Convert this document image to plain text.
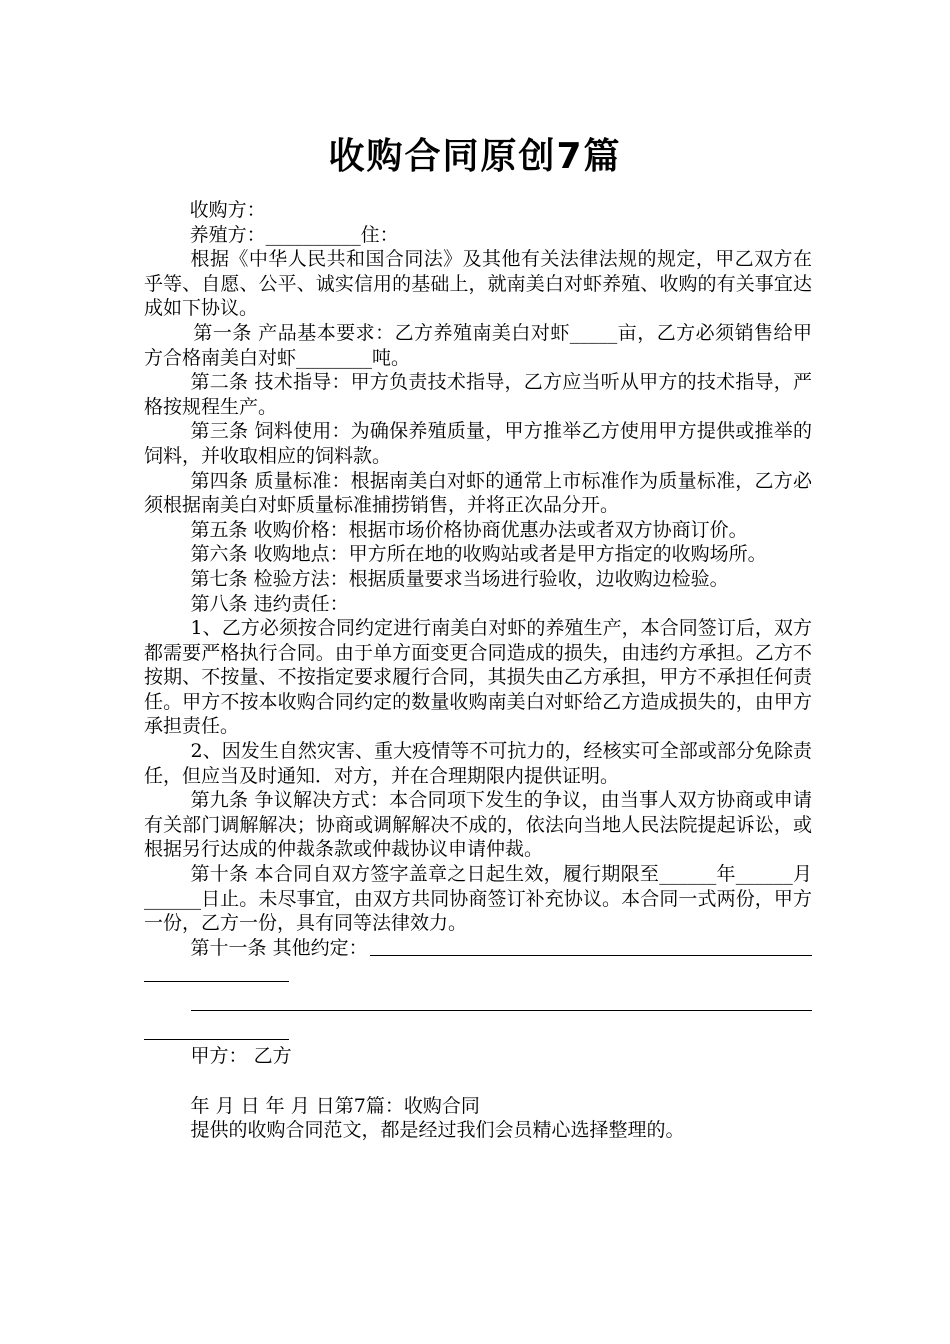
收购合同原创7篇

收购方：

养殖方：__________住：

根据《中华人民共和国合同法》及其他有关法律法规的规定，甲乙双方在乎等、自愿、公平、诚实信用的基础上，就南美白对虾养殖、收购的有关事宜达成如下协议。

第一条 产品基本要求：乙方养殖南美白对虾_____亩，乙方必须销售给甲方合格南美白对虾________吨。

第二条 技术指导：甲方负责技术指导，乙方应当听从甲方的技术指导，严格按规程生产。

第三条 饲料使用：为确保养殖质量，甲方推举乙方使用甲方提供或推举的饲料，并收取相应的饲料款。

第四条 质量标准：根据南美白对虾的通常上市标准作为质量标准，乙方必须根据南美白对虾质量标准捕捞销售，并将正次品分开。

第五条 收购价格：根据市场价格协商优惠办法或者双方协商订价。

第六条 收购地点：甲方所在地的收购站或者是甲方指定的收购场所。

第七条 检验方法：根据质量要求当场进行验收，边收购边检验。

第八条 违约责任：

1、乙方必须按合同约定进行南美白对虾的养殖生产，本合同签订后，双方都需要严格执行合同。由于单方面变更合同造成的损失，由违约方承担。乙方不按期、不按量、不按指定要求履行合同，其损失由乙方承担，甲方不承担任何责任。甲方不按本收购合同约定的数量收购南美白对虾给乙方造成损失的，由甲方承担责任。

2、因发生自然灾害、重大疫情等不可抗力的，经核实可全部或部分免除责任，但应当及时通知．对方，并在合理期限内提供证明。

第九条 争议解决方式：本合同项下发生的争议，由当事人双方协商或申请有关部门调解解决；协商或调解解决不成的，依法向当地人民法院提起诉讼，或根据另行达成的仲裁条款或仲裁协议申请仲裁。

第十条 本合同自双方签字盖章之日起生效，履行期限至______年______月______日止。未尽事宜，由双方共同协商签订补充协议。本合同一式两份，甲方一份，乙方一份，具有同等法律效力。

第十一条 其他约定：

甲方： 乙方

年 月 日 年 月 日第7篇：收购合同

提供的收购合同范文，都是经过我们会员精心选择整理的。
